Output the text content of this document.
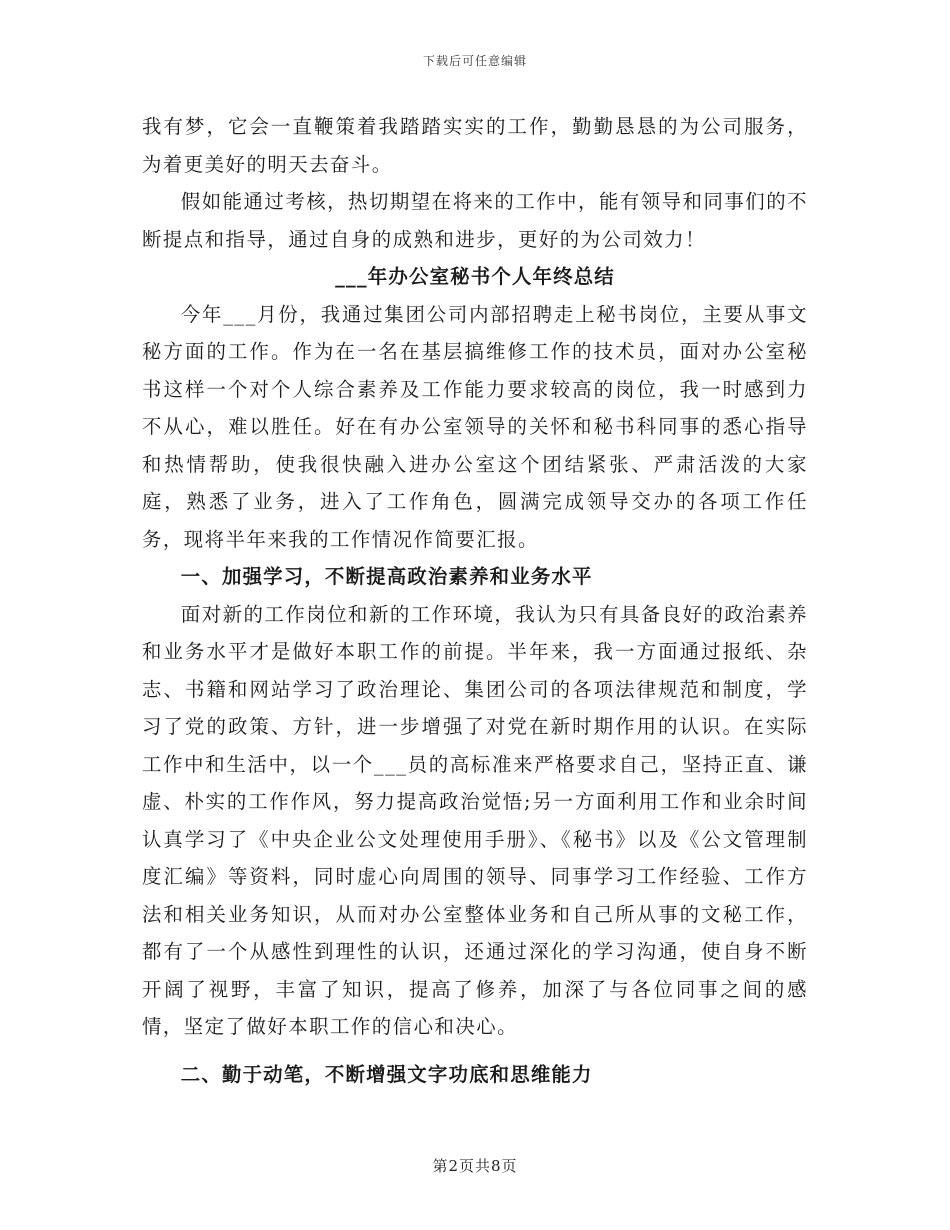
下载后可任意编辑

我有梦，它会一直鞭策着我踏踏实实的工作，勤勤恳恳的为公司服务，为着更美好的明天去奋斗。

假如能通过考核，热切期望在将来的工作中，能有领导和同事们的不断提点和指导，通过自身的成熟和进步，更好的为公司效力！

___年办公室秘书个人年终总结

今年___月份，我通过集团公司内部招聘走上秘书岗位，主要从事文秘方面的工作。作为在一名在基层搞维修工作的技术员，面对办公室秘书这样一个对个人综合素养及工作能力要求较高的岗位，我一时感到力不从心，难以胜任。好在有办公室领导的关怀和秘书科同事的悉心指导和热情帮助，使我很快融入进办公室这个团结紧张、严肃活泼的大家庭，熟悉了业务，进入了工作角色，圆满完成领导交办的各项工作任务，现将半年来我的工作情况作简要汇报。

一、加强学习，不断提高政治素养和业务水平

面对新的工作岗位和新的工作环境，我认为只有具备良好的政治素养和业务水平才是做好本职工作的前提。半年来，我一方面通过报纸、杂志、书籍和网站学习了政治理论、集团公司的各项法律规范和制度，学习了党的政策、方针，进一步增强了对党在新时期作用的认识。在实际工作中和生活中，以一个___员的高标准来严格要求自己，坚持正直、谦虚、朴实的工作作风，努力提高政治觉悟;另一方面利用工作和业余时间认真学习了《中央企业公文处理使用手册》、《秘书》以及《公文管理制度汇编》等资料，同时虚心向周围的领导、同事学习工作经验、工作方法和相关业务知识，从而对办公室整体业务和自己所从事的文秘工作，都有了一个从感性到理性的认识，还通过深化的学习沟通，使自身不断开阔了视野，丰富了知识，提高了修养，加深了与各位同事之间的感情，坚定了做好本职工作的信心和决心。

二、勤于动笔，不断增强文字功底和思维能力

第2页共8页
